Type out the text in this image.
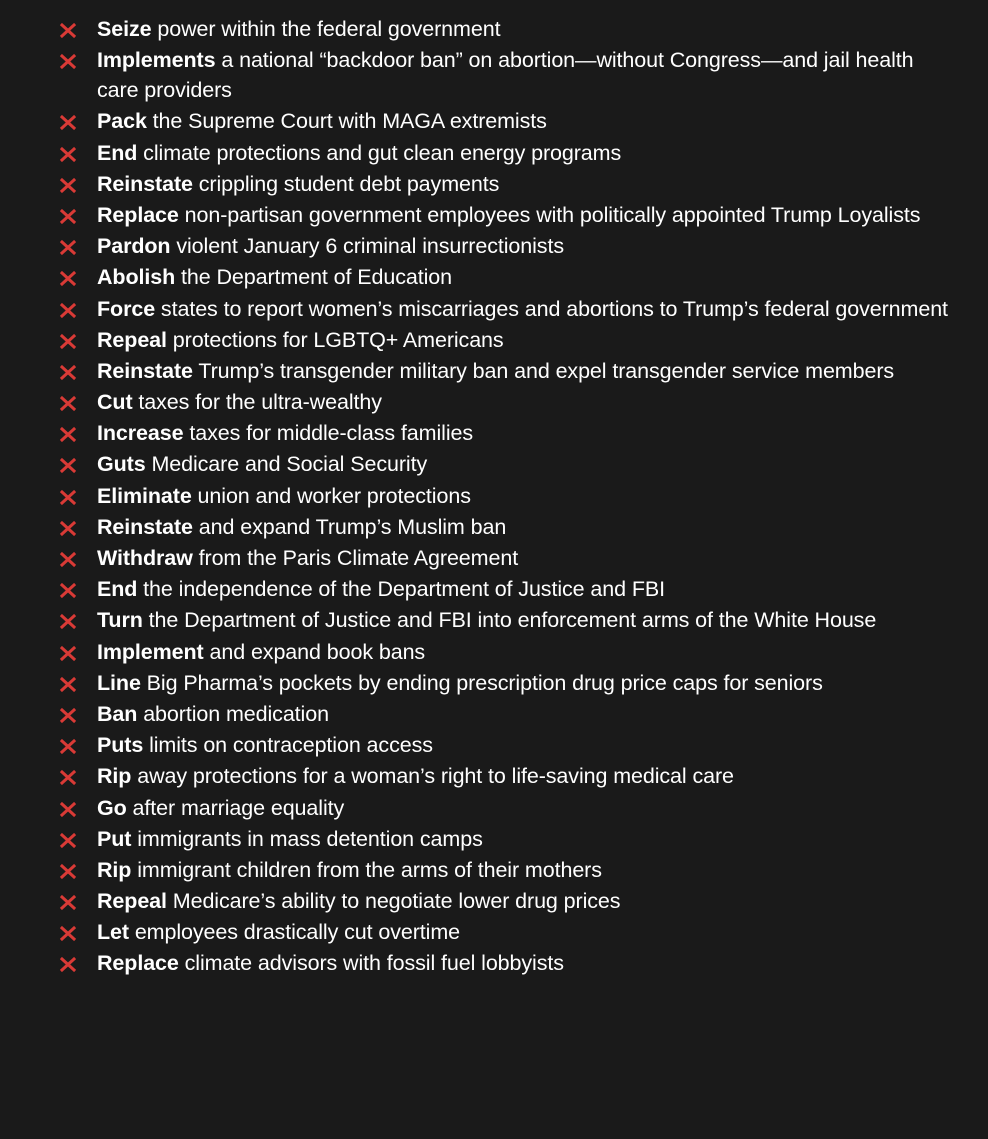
Seize power within the federal government
Implements a national “backdoor ban” on abortion—without Congress—and jail health care providers
Pack the Supreme Court with MAGA extremists
End climate protections and gut clean energy programs
Reinstate crippling student debt payments
Replace non-partisan government employees with politically appointed Trump Loyalists
Pardon violent January 6 criminal insurrectionists
Abolish the Department of Education
Force states to report women’s miscarriages and abortions to Trump’s federal government
Repeal protections for LGBTQ+ Americans
Reinstate Trump’s transgender military ban and expel transgender service members
Cut taxes for the ultra-wealthy
Increase taxes for middle-class families
Guts Medicare and Social Security
Eliminate union and worker protections
Reinstate and expand Trump’s Muslim ban
Withdraw from the Paris Climate Agreement
End the independence of the Department of Justice and FBI
Turn the Department of Justice and FBI into enforcement arms of the White House
Implement and expand book bans
Line Big Pharma’s pockets by ending prescription drug price caps for seniors
Ban abortion medication
Puts limits on contraception access
Rip away protections for a woman’s right to life-saving medical care
Go after marriage equality
Put immigrants in mass detention camps
Rip immigrant children from the arms of their mothers
Repeal Medicare’s ability to negotiate lower drug prices
Let employees drastically cut overtime
Replace climate advisors with fossil fuel lobbyists
